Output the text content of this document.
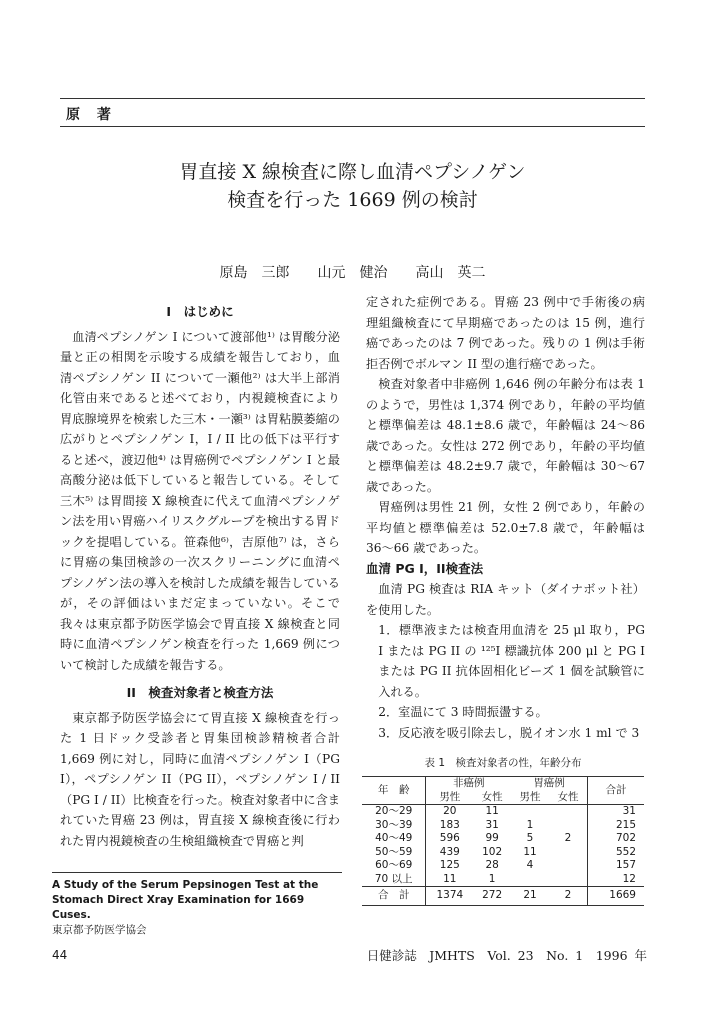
原 著
胃直接 X 線検査に際し血清ペプシノゲン
検査を行った 1669 例の検討
原島　三郎　　山元　健治　　高山　英二
I　はじめに

血清ペプシノゲン I について渡部他¹⁾ は胃酸分泌量と正の相関を示唆する成績を報告しており，血清ペプシノゲン II について一瀬他²⁾ は大半上部消化管由来であると述べており，内視鏡検査により胃底腺境界を検索した三木・一瀬³⁾ は胃粘膜萎縮の広がりとペプシノゲン I，I / II 比の低下は平行すると述べ，渡辺他⁴⁾ は胃癌例でペプシノゲン I と最高酸分泌は低下していると報告している。そして三木⁵⁾ は胃間接 X 線検査に代えて血清ペプシノゲン法を用い胃癌ハイリスクグループを検出する胃ドックを提唱している。笹森他⁶⁾，吉原他⁷⁾ は，さらに胃癌の集団検診の一次スクリーニングに血清ペプシノゲン法の導入を検討した成績を報告しているが，その評価はいまだ定まっていない。そこで我々は東京都予防医学協会で胃直接 X 線検査と同時に血清ペプシノゲン検査を行った 1,669 例について検討した成績を報告する。

II　検査対象者と検査方法

東京都予防医学協会にて胃直接 X 線検査を行った 1 日ドック受診者と胃集団検診精検者合計 1,669 例に対し，同時に血清ペプシノゲン I（PG I），ペプシノゲン II（PG II），ペプシノゲン I / II（PG I / II）比検査を行った。検査対象者中に含まれていた胃癌 23 例は，胃直接 X 線検査後に行われた胃内視鏡検査の生検組織検査で胃癌と判

定された症例である。胃癌 23 例中で手術後の病理組織検査にて早期癌であったのは 15 例，進行癌であったのは 7 例であった。残りの 1 例は手術拒否例でボルマン II 型の進行癌であった。

検査対象者中非癌例 1,646 例の年齢分布は表 1 のようで，男性は 1,374 例であり，年齢の平均値と標準偏差は 48.1±8.6 歳で，年齢幅は 24〜86 歳であった。女性は 272 例であり，年齢の平均値と標準偏差は 48.2±9.7 歳で，年齢幅は 30〜67 歳であった。

胃癌例は男性 21 例，女性 2 例であり，年齢の平均値と標準偏差は 52.0±7.8 歳で，年齢幅は 36〜66 歳であった。

血清 PG I，II検査法

血清 PG 検査は RIA キット（ダイナボット社）を使用した。

1．標準液または検査用血清を 25 μl 取り，PG I または PG II の ¹²⁵I 標識抗体 200 μl と PG I または PG II 抗体固相化ビーズ 1 個を試験管に入れる。

2．室温にて 3 時間振盪する。

3．反応液を吸引除去し，脱イオン水 1 ml で 3

表 1　検査対象者の性，年齢分布
年　齢	非癌例		胃癌例		合計
	男性	女性	男性	女性	
20〜29	20	11			31
30〜39	183	31	1		215
40〜49	596	99	5	2	702
50〜59	439	102	11		552
60〜69	125	28	4		157
70 以上	11	1			12
合　計	1374	272	21	2	1669
A Study of the Serum Pepsinogen Test at the Stomach Direct Xray Examination for 1669 Cuses.
東京都予防医学協会
44	日健診誌　JMHTS　Vol. 23　No. 1　1996 年
